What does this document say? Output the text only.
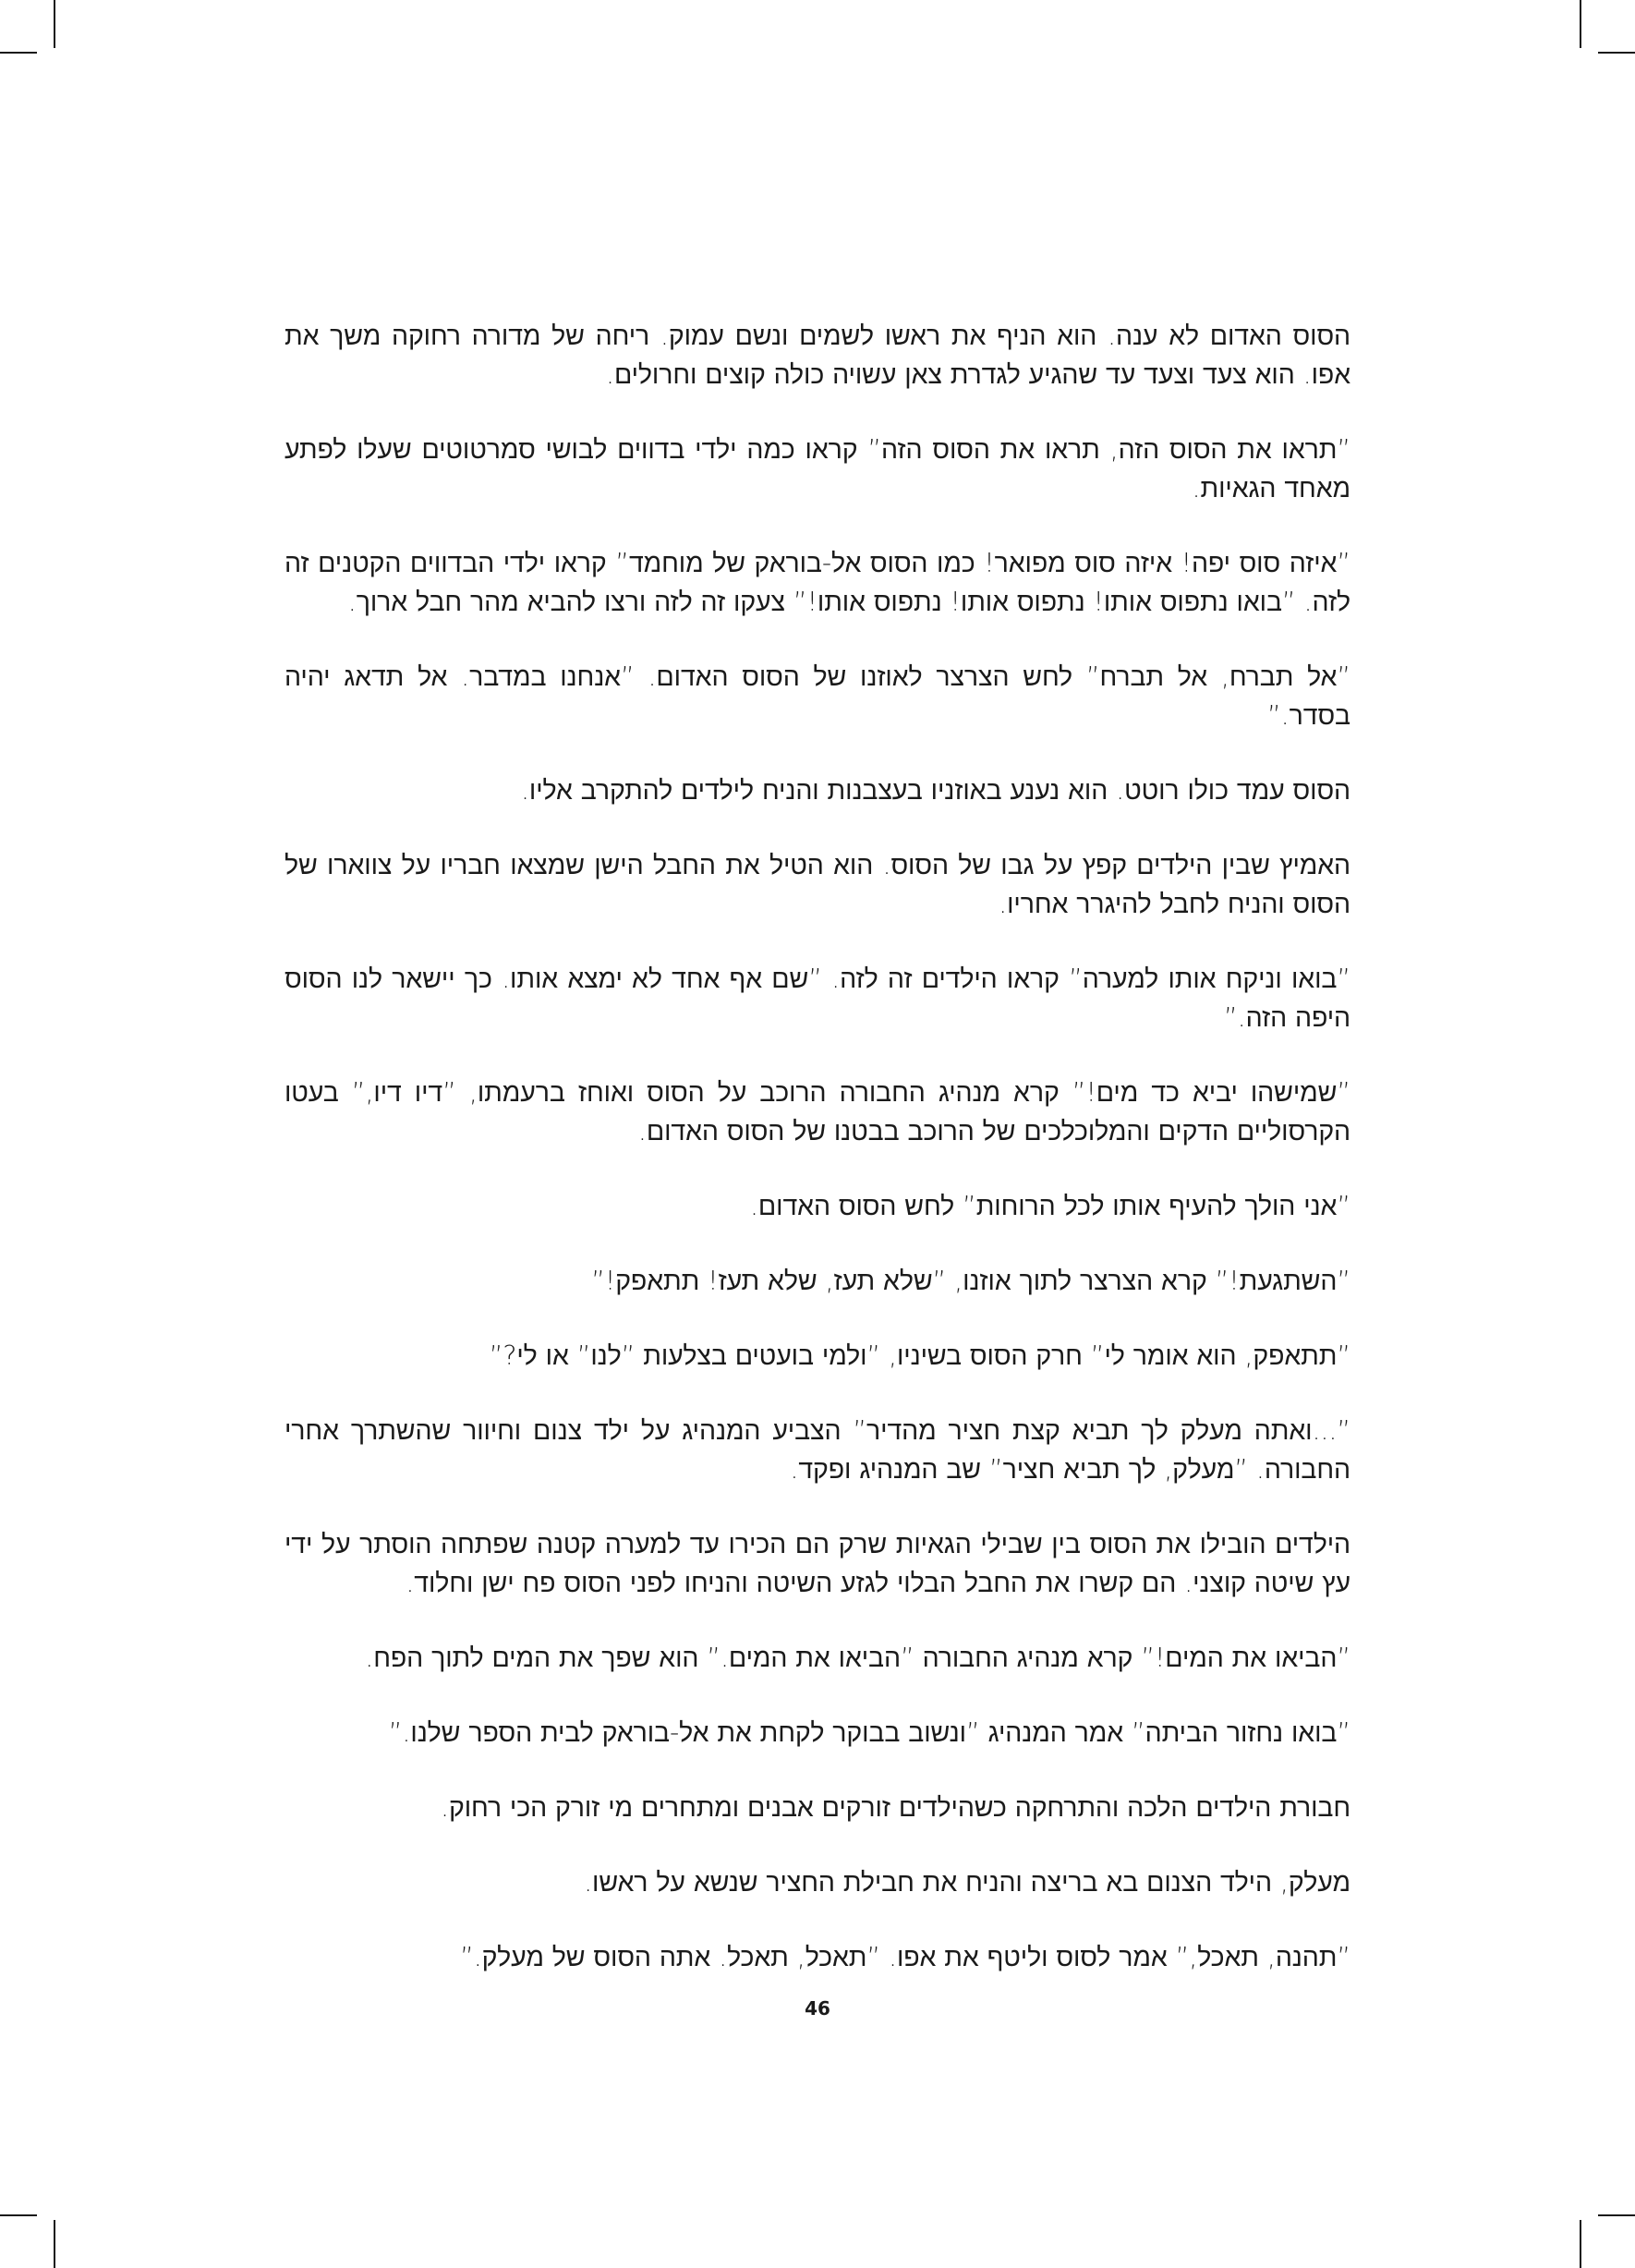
הסוס האדום לא ענה. הוא הניף את ראשו לשמים ונשם עמוק. ריחה של מדורה רחוקה משך את אפו. הוא צעד וצעד עד שהגיע לגדרת צאן עשויה כולה קוצים וחרולים.

”תראו את הסוס הזה, תראו את הסוס הזה” קראו כמה ילדי בדווים לבושי סמרטוטים שעלו לפתע מאחד הגאיות.

”איזה סוס יפה! איזה סוס מפואר! כמו הסוס אל-בוראק של מוחמד” קראו ילדי הבדווים הקטנים זה לזה. ”בואו נתפוס אותו! נתפוס אותו! נתפוס אותו!” צעקו זה לזה ורצו להביא מהר חבל ארוך.

”אל תברח, אל תברח” לחש הצרצר לאוזנו של הסוס האדום. ”אנחנו במדבר. אל תדאג יהיה בסדר.”

הסוס עמד כולו רוטט. הוא נענע באוזניו בעצבנות והניח לילדים להתקרב אליו.

האמיץ שבין הילדים קפץ על גבו של הסוס. הוא הטיל את החבל הישן שמצאו חבריו על צווארו של הסוס והניח לחבל להיגרר אחריו.

”בואו וניקח אותו למערה” קראו הילדים זה לזה. ”שם אף אחד לא ימצא אותו. כך יישאר לנו הסוס היפה הזה.”

”שמישהו יביא כד מים!” קרא מנהיג החבורה הרוכב על הסוס ואוחז ברעמתו, ”דיו דיו,” בעטו הקרסוליים הדקים והמלוכלכים של הרוכב בבטנו של הסוס האדום.

”אני הולך להעיף אותו לכל הרוחות” לחש הסוס האדום.

”השתגעת!” קרא הצרצר לתוך אוזנו, ”שלא תעז, שלא תעז! תתאפק!”

”תתאפק, הוא אומר לי” חרק הסוס בשיניו, ”ולמי בועטים בצלעות ”לנו” או לי?”

”...ואתה מעלק לך תביא קצת חציר מהדיר” הצביע המנהיג על ילד צנום וחיוור שהשתרך אחרי החבורה. ”מעלק, לך תביא חציר” שב המנהיג ופקד.

הילדים הובילו את הסוס בין שבילי הגאיות שרק הם הכירו עד למערה קטנה שפתחה הוסתר על ידי עץ שיטה קוצני. הם קשרו את החבל הבלוי לגזע השיטה והניחו לפני הסוס פח ישן וחלוד.

”הביאו את המים!” קרא מנהיג החבורה ”הביאו את המים.” הוא שפך את המים לתוך הפח.

”בואו נחזור הביתה” אמר המנהיג ”ונשוב בבוקר לקחת את אל-בוראק לבית הספר שלנו.”

חבורת הילדים הלכה והתרחקה כשהילדים זורקים אבנים ומתחרים מי זורק הכי רחוק.

מעלק, הילד הצנום בא בריצה והניח את חבילת החציר שנשא על ראשו.

”תהנה, תאכל,” אמר לסוס וליטף את אפו. ”תאכל, תאכל. אתה הסוס של מעלק.”

46
